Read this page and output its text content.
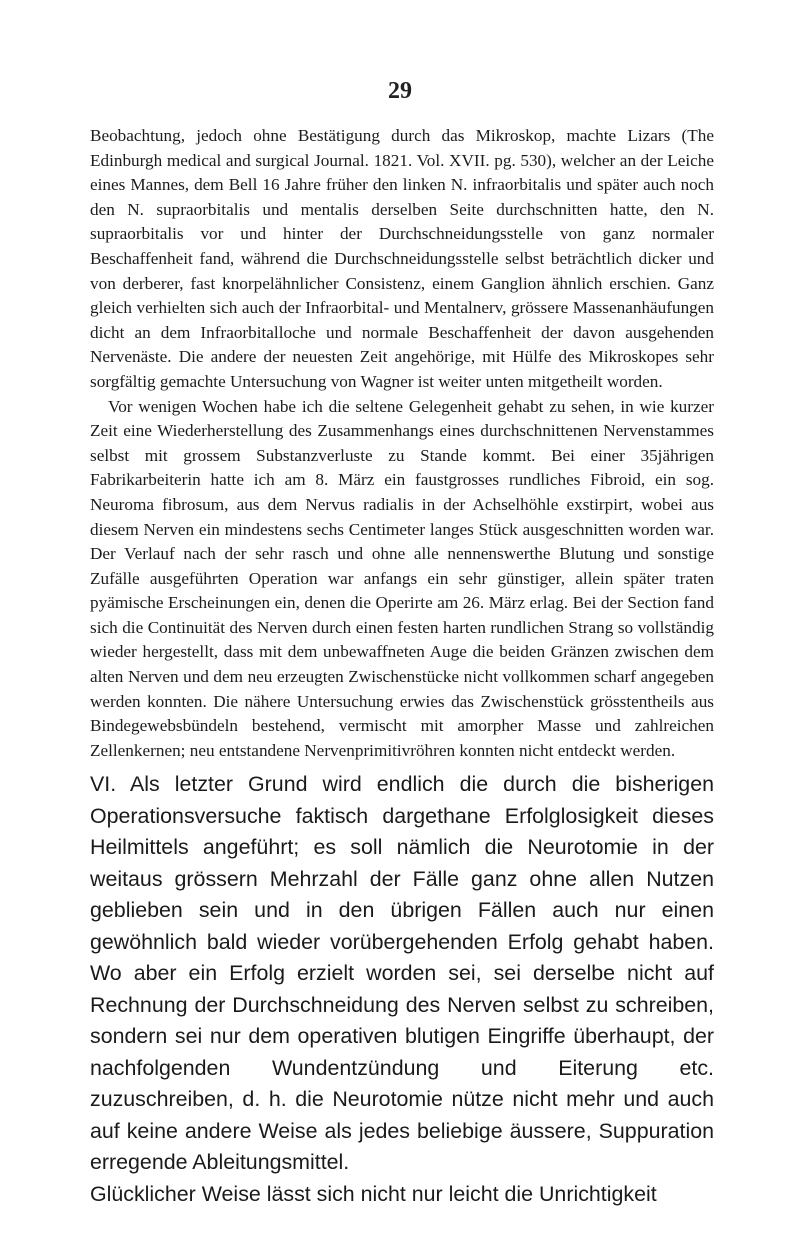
29

Beobachtung, jedoch ohne Bestätigung durch das Mikroskop, machte Lizars (The Edinburgh medical and surgical Journal. 1821. Vol. XVII. pg. 530), welcher an der Leiche eines Mannes, dem Bell 16 Jahre früher den linken N. infraorbitalis und später auch noch den N. supraorbitalis und mentalis derselben Seite durchschnitten hatte, den N. supraorbitalis vor und hinter der Durchschneidungsstelle von ganz normaler Beschaffenheit fand, während die Durchschneidungsstelle selbst beträchtlich dicker und von derberer, fast knorpelähnlicher Consistenz, einem Ganglion ähnlich erschien. Ganz gleich verhielten sich auch der Infraorbital- und Mentalnerv, grössere Massenanhäufungen dicht an dem Infraorbitalloche und normale Beschaffenheit der davon ausgehenden Nervenäste. Die andere der neuesten Zeit angehörige, mit Hülfe des Mikroskopes sehr sorgfältig gemachte Untersuchung von Wagner ist weiter unten mitgetheilt worden.

Vor wenigen Wochen habe ich die seltene Gelegenheit gehabt zu sehen, in wie kurzer Zeit eine Wiederherstellung des Zusammenhangs eines durchschnittenen Nervenstammes selbst mit grossem Substanzverluste zu Stande kommt. Bei einer 35jährigen Fabrikarbeiterin hatte ich am 8. März ein faustgrosses rundliches Fibroid, ein sog. Neuroma fibrosum, aus dem Nervus radialis in der Achselhöhle exstirpirt, wobei aus diesem Nerven ein mindestens sechs Centimeter langes Stück ausgeschnitten worden war. Der Verlauf nach der sehr rasch und ohne alle nennenswerthe Blutung und sonstige Zufälle ausgeführten Operation war anfangs ein sehr günstiger, allein später traten pyämische Erscheinungen ein, denen die Operirte am 26. März erlag. Bei der Section fand sich die Continuität des Nerven durch einen festen harten rundlichen Strang so vollständig wieder hergestellt, dass mit dem unbewaffneten Auge die beiden Gränzen zwischen dem alten Nerven und dem neu erzeugten Zwischenstücke nicht vollkommen scharf angegeben werden konnten. Die nähere Untersuchung erwies das Zwischenstück grösstentheils aus Bindegewebsbündeln bestehend, vermischt mit amorpher Masse und zahlreichen Zellenkernen; neu entstandene Nervenprimitivröhren konnten nicht entdeckt werden.

VI. Als letzter Grund wird endlich die durch die bisherigen Operationsversuche faktisch dargethane Erfolglosigkeit dieses Heilmittels angeführt; es soll nämlich die Neurotomie in der weitaus grössern Mehrzahl der Fälle ganz ohne allen Nutzen geblieben sein und in den übrigen Fällen auch nur einen gewöhnlich bald wieder vorübergehenden Erfolg gehabt haben. Wo aber ein Erfolg erzielt worden sei, sei derselbe nicht auf Rechnung der Durchschneidung des Nerven selbst zu schreiben, sondern sei nur dem operativen blutigen Eingriffe überhaupt, der nachfolgenden Wundentzündung und Eiterung etc. zuzuschreiben, d. h. die Neurotomie nütze nicht mehr und auch auf keine andere Weise als jedes beliebige äussere, Suppuration erregende Ableitungsmittel.

Glücklicher Weise lässt sich nicht nur leicht die Unrichtigkeit
